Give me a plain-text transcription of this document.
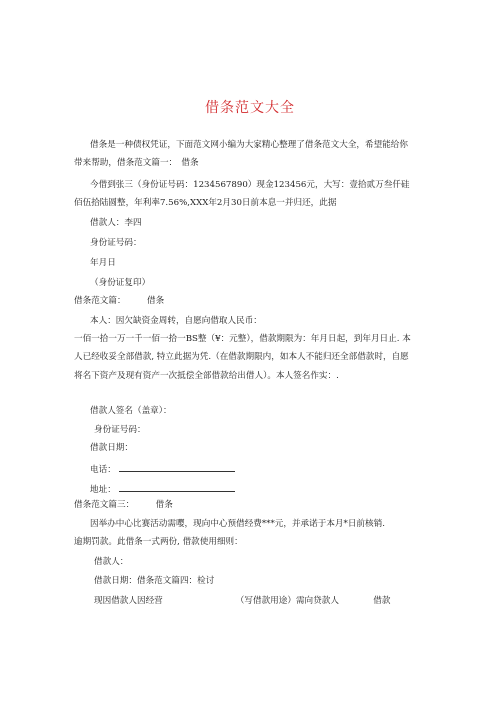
借条范文大全
借条是一种债权凭证，下面范文网小编为大家精心整理了借条范文大全，希望能给你
带来帮助，借条范文篇一：　借条
今借到张三（身份证号码：1234567890）现金123456元，大写：壹拾贰万叁仟硅
佰伍拾陆圆整，年利率7.56%,XXX年2月30日前本息一并归还，此据
借款人：李四
身份证号码：
年月日
（身份证复印）
借条范文篇：　　　借条
本人：因欠缺资金周转，自愿向借取人民币：
一佰一拾一万一千一佰一拾一BS整（¥：元整），借款期限为：年月日起，到年月日止. 本
人已经收妥全部借款, 特立此据为凭.（在借款期限内，如本人不能归还全部借款时，自愿
将名下资产及现有资产一次抵偿全部借款给出借人）。本人签名作实：.
借款人签名（盖章）：
身份证号码：
借款日期：
电话：
地址：
借条范文篇三：　　　借条
因举办中心比赛活动需嘤，现向中心预借经费***元，并承诺于本月*日前核销.
逾期罚款。此借条一式两份, 借款使用细则：
借款人：
借款日期：借条范文篇四：检讨
现因借款人因经营　　　　　　　　　（写借款用途）需向贷款人　　　　借款
